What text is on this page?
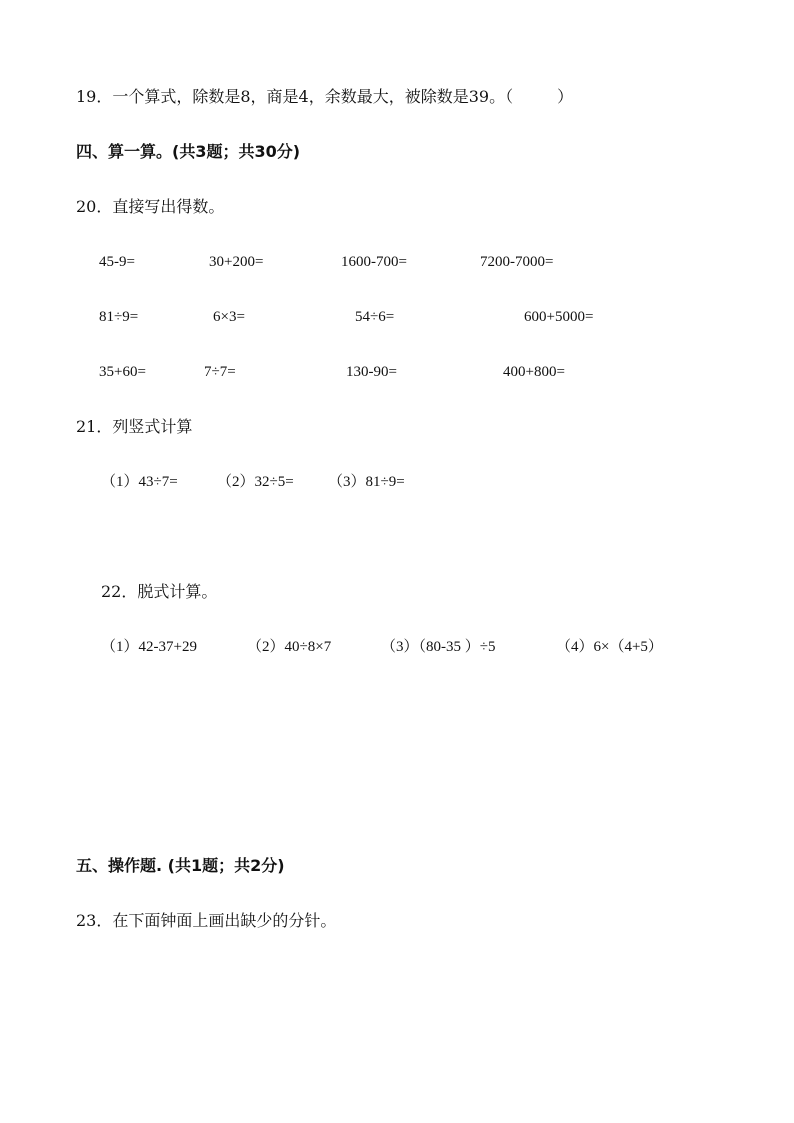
19．一个算式，除数是8，商是4，余数最大，被除数是39。（	）
四、算一算。(共3题；共30分)
20．直接写出得数。
45-9=	30+200=	1600-700=	7200-7000=
81÷9=	6×3=	54÷6=	600+5000=
35+60=	7÷7=	130-90=	400+800=
21．列竖式计算
（1）43÷7=	（2）32÷5= （3）81÷9=
22．脱式计算。
（1）42-37+29	（2）40÷8×7	（3）（80-35 ）÷5	（4）6×（4+5）
五、操作题. (共1题；共2分)
23．在下面钟面上画出缺少的分针。
